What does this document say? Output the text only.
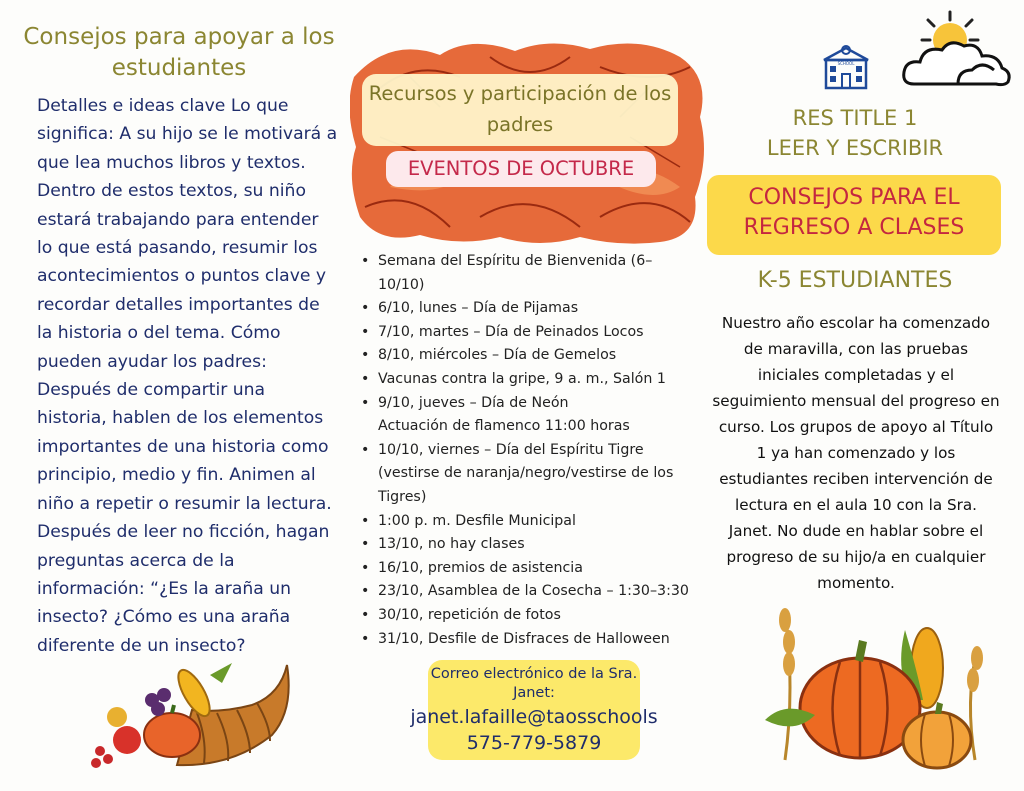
Consejos para apoyar a los estudiantes
Detalles e ideas clave Lo que significa: A su hijo se le motivará a que lea muchos libros y textos. Dentro de estos textos, su niño estará trabajando para entender lo que está pasando, resumir los acontecimientos o puntos clave y recordar detalles importantes de la historia o del tema. Cómo pueden ayudar los padres: Después de compartir una historia, hablen de los elementos importantes de una historia como principio, medio y fin. Animen al niño a repetir o resumir la lectura. Después de leer no ficción, hagan preguntas acerca de la información: “¿Es la araña un insecto? ¿Cómo es una araña diferente de un insecto?
Recursos y participación de los padres
EVENTOS DE OCTUBRE
• Semana del Espíritu de Bienvenida (6–10/10)
• 6/10, lunes – Día de Pijamas
• 7/10, martes – Día de Peinados Locos
• 8/10, miércoles – Día de Gemelos
• Vacunas contra la gripe, 9 a. m., Salón 1
• 9/10, jueves – Día de Neón
Actuación de flamenco 11:00 horas
• 10/10, viernes – Día del Espíritu Tigre (vestirse de naranja/negro/vestirse de los Tigres)
• 1:00 p. m. Desfile Municipal
• 13/10, no hay clases
• 16/10, premios de asistencia
• 23/10, Asamblea de la Cosecha – 1:30–3:30
• 30/10, repetición de fotos
• 31/10, Desfile de Disfraces de Halloween
Correo electrónico de la Sra. Janet:
janet.lafaille@taosschools
575-779-5879
SCHOOL
RES TITLE 1
LEER Y ESCRIBIR
CONSEJOS PARA EL REGRESO A CLASES
K-5 ESTUDIANTES
Nuestro año escolar ha comenzado de maravilla, con las pruebas iniciales completadas y el seguimiento mensual del progreso en curso. Los grupos de apoyo al Título 1 ya han comenzado y los estudiantes reciben intervención de lectura en el aula 10 con la Sra. Janet. No dude en hablar sobre el progreso de su hijo/a en cualquier momento.
